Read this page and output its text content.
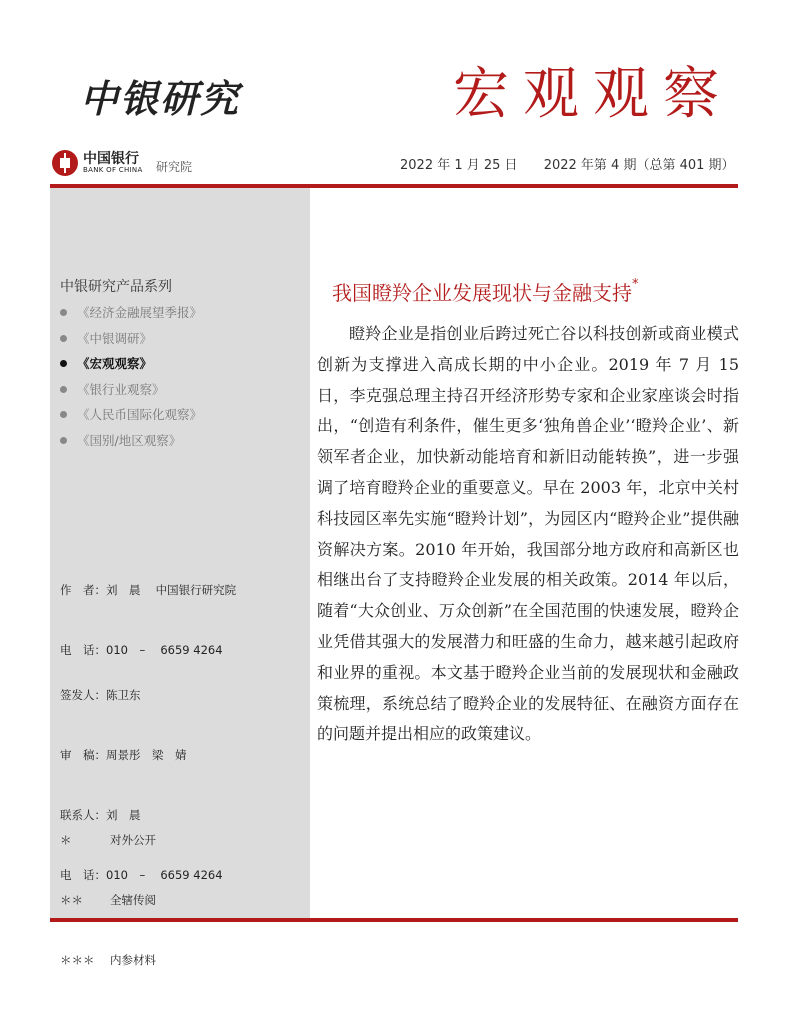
中银研究	宏观观察
中国银行
BANK OF CHINA 研究院	2022 年 1 月 25 日 2022 年第 4 期（总第 401 期）
中银研究产品系列
《经济金融展望季报》
《中银调研》
《宏观观察》
《银行业观察》
《人民币国际化观察》
《国别/地区观察》

作　者：刘　晨　 中国银行研究院

电　话：010　–　 6659 4264

签发人：陈卫东

审　稿：周景彤　梁　婧

联系人：刘　晨

电　话：010　–　 6659 4264

＊	对外公开

＊＊ 全辖传阅

＊＊＊ 内参材料

我国瞪羚企业发展现状与金融支持*

瞪羚企业是指创业后跨过死亡谷以科技创新或商业模式创新为支撑进入高成长期的中小企业。2019 年 7 月 15 日，李克强总理主持召开经济形势专家和企业家座谈会时指出，“创造有利条件，催生更多‘独角兽企业’‘瞪羚企业’、新领军者企业，加快新动能培育和新旧动能转换”，进一步强调了培育瞪羚企业的重要意义。早在 2003 年，北京中关村科技园区率先实施“瞪羚计划”，为园区内“瞪羚企业”提供融资解决方案。2010 年开始，我国部分地方政府和高新区也相继出台了支持瞪羚企业发展的相关政策。2014 年以后，随着“大众创业、万众创新”在全国范围的快速发展，瞪羚企业凭借其强大的发展潜力和旺盛的生命力，越来越引起政府和业界的重视。本文基于瞪羚企业当前的发展现状和金融政策梳理，系统总结了瞪羚企业的发展特征、在融资方面存在的问题并提出相应的政策建议。
